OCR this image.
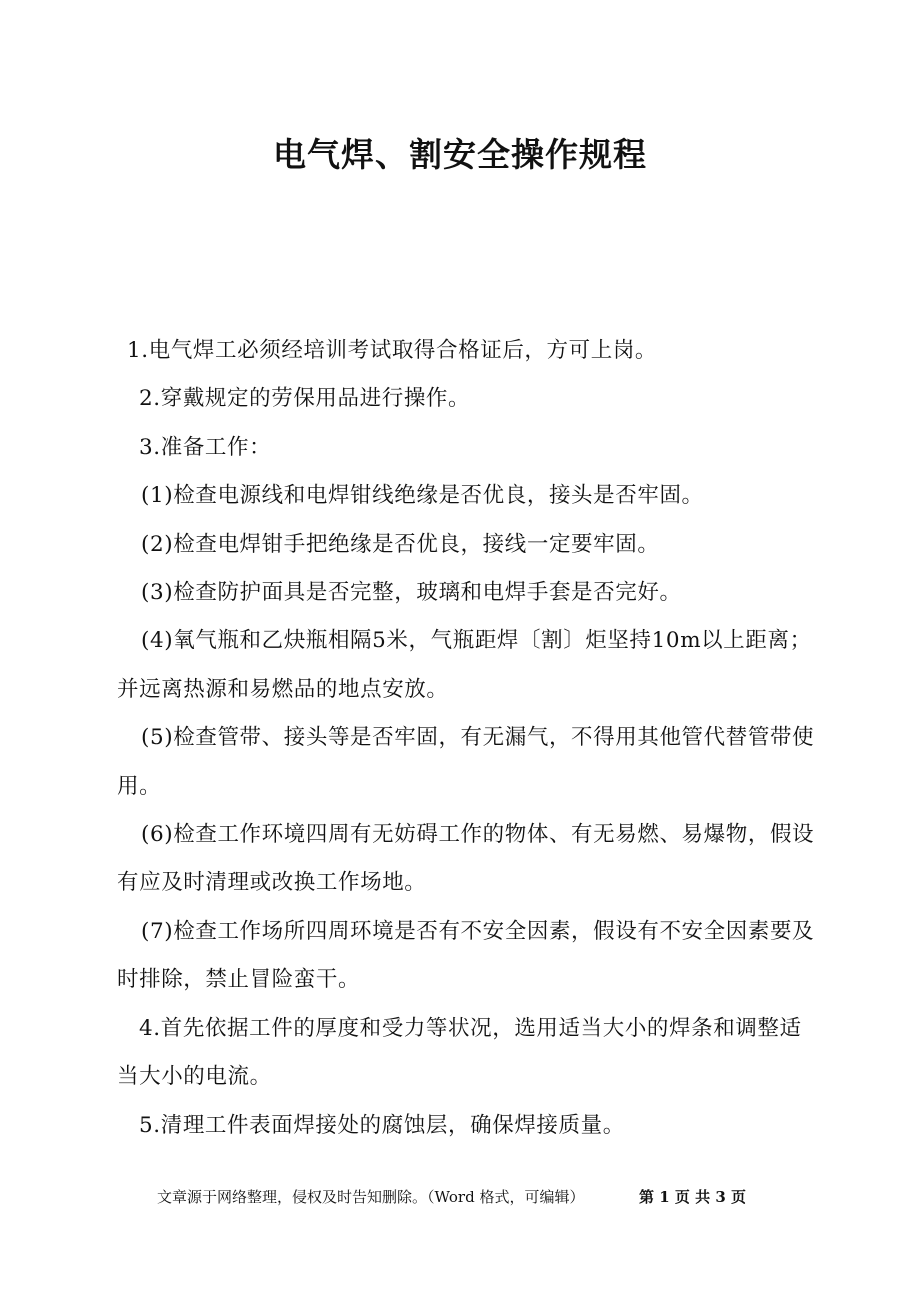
电气焊、割安全操作规程

1.电气焊工必须经培训考试取得合格证后，方可上岗。

2.穿戴规定的劳保用品进行操作。

3.准备工作：

(1)检查电源线和电焊钳线绝缘是否优良，接头是否牢固。

(2)检查电焊钳手把绝缘是否优良，接线一定要牢固。

(3)检查防护面具是否完整，玻璃和电焊手套是否完好。

(4)氧气瓶和乙炔瓶相隔5米，气瓶距焊〔割〕炬坚持10m以上距离；并远离热源和易燃品的地点安放。

(5)检查管带、接头等是否牢固，有无漏气，不得用其他管代替管带使用。

(6)检查工作环境四周有无妨碍工作的物体、有无易燃、易爆物，假设有应及时清理或改换工作场地。

(7)检查工作场所四周环境是否有不安全因素，假设有不安全因素要及时排除，禁止冒险蛮干。

4.首先依据工件的厚度和受力等状况，选用适当大小的焊条和调整适当大小的电流。

5.清理工件表面焊接处的腐蚀层，确保焊接质量。

文章源于网络整理，侵权及时告知删除。（Word 格式，可编辑）	第 1 页 共 3 页
